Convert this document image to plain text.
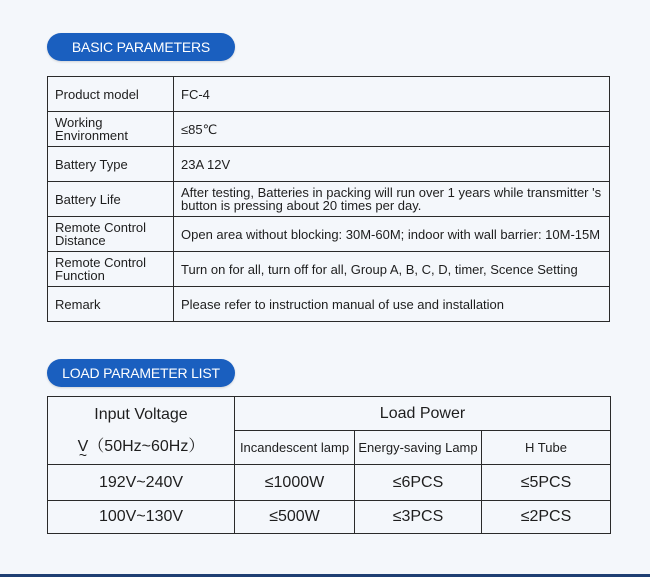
BASIC PARAMETERS
Product model	FC-4
Working Environment	≤85℃
Battery Type	23A 12V
Battery Life	After testing, Batteries in packing will run over 1 years while transmitter 's button is pressing about 20 times per day.
Remote Control Distance	Open area without blocking: 30M-60M; indoor with wall barrier: 10M-15M
Remote Control Function	Turn on for all, turn off for all, Group A, B, C, D, timer, Scence Setting
Remark	Please refer to instruction manual of use and installation
LOAD PARAMETER LIST
Input Voltage
V ~（50Hz~60Hz）	Load Power		
	Incandescent lamp	Energy-saving Lamp	H Tube
192V~240V	≤1000W	≤6PCS	≤5PCS
100V~130V	≤500W	≤3PCS	≤2PCS
